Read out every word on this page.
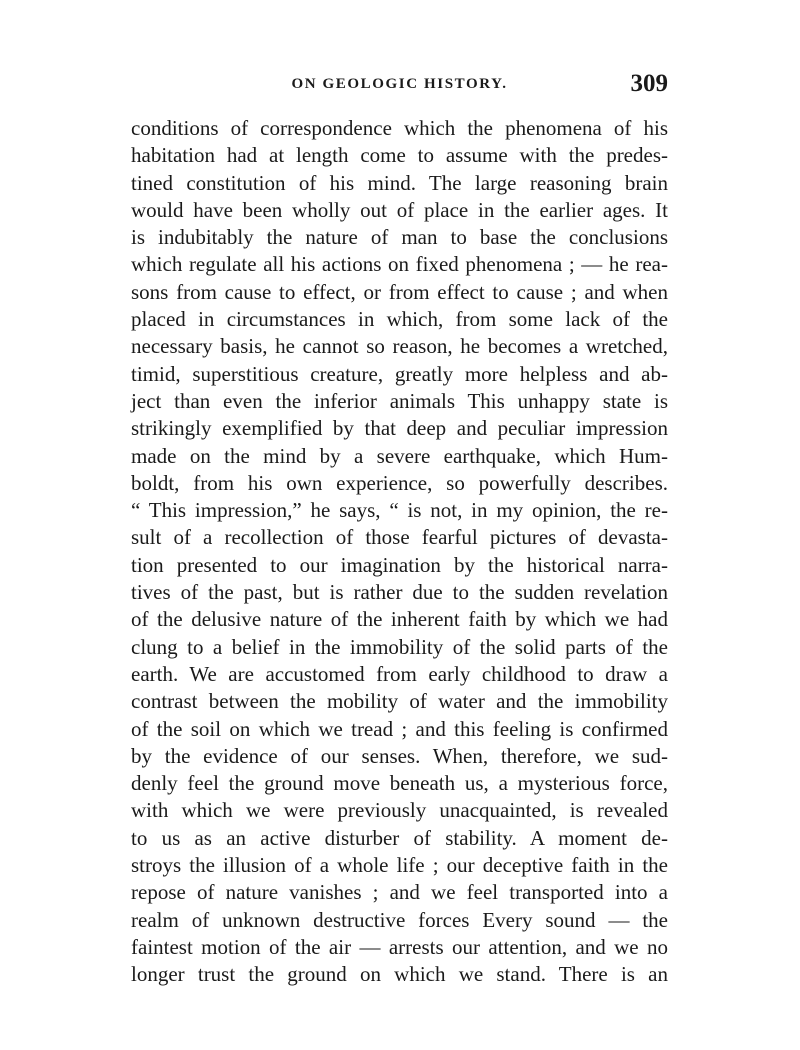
ON GEOLOGIC HISTORY.	309
conditions of correspondence which the phenomena of his
habitation had at length come to assume with the predes-
tined constitution of his mind. The large reasoning brain
would have been wholly out of place in the earlier ages. It
is indubitably the nature of man to base the conclusions
which regulate all his actions on fixed phenomena ; — he rea-
sons from cause to effect, or from effect to cause ; and when
placed in circumstances in which, from some lack of the
necessary basis, he cannot so reason, he becomes a wretched,
timid, superstitious creature, greatly more helpless and ab-
ject than even the inferior animals This unhappy state is
strikingly exemplified by that deep and peculiar impression
made on the mind by a severe earthquake, which Hum-
boldt, from his own experience, so powerfully describes.
“ This impression,” he says, “ is not, in my opinion, the re-
sult of a recollection of those fearful pictures of devasta-
tion presented to our imagination by the historical narra-
tives of the past, but is rather due to the sudden revelation
of the delusive nature of the inherent faith by which we had
clung to a belief in the immobility of the solid parts of the
earth. We are accustomed from early childhood to draw a
contrast between the mobility of water and the immobility
of the soil on which we tread ; and this feeling is confirmed
by the evidence of our senses. When, therefore, we sud-
denly feel the ground move beneath us, a mysterious force,
with which we were previously unacquainted, is revealed
to us as an active disturber of stability. A moment de-
stroys the illusion of a whole life ; our deceptive faith in the
repose of nature vanishes ; and we feel transported into a
realm of unknown destructive forces Every sound — the
faintest motion of the air — arrests our attention, and we no
longer trust the ground on which we stand. There is an
